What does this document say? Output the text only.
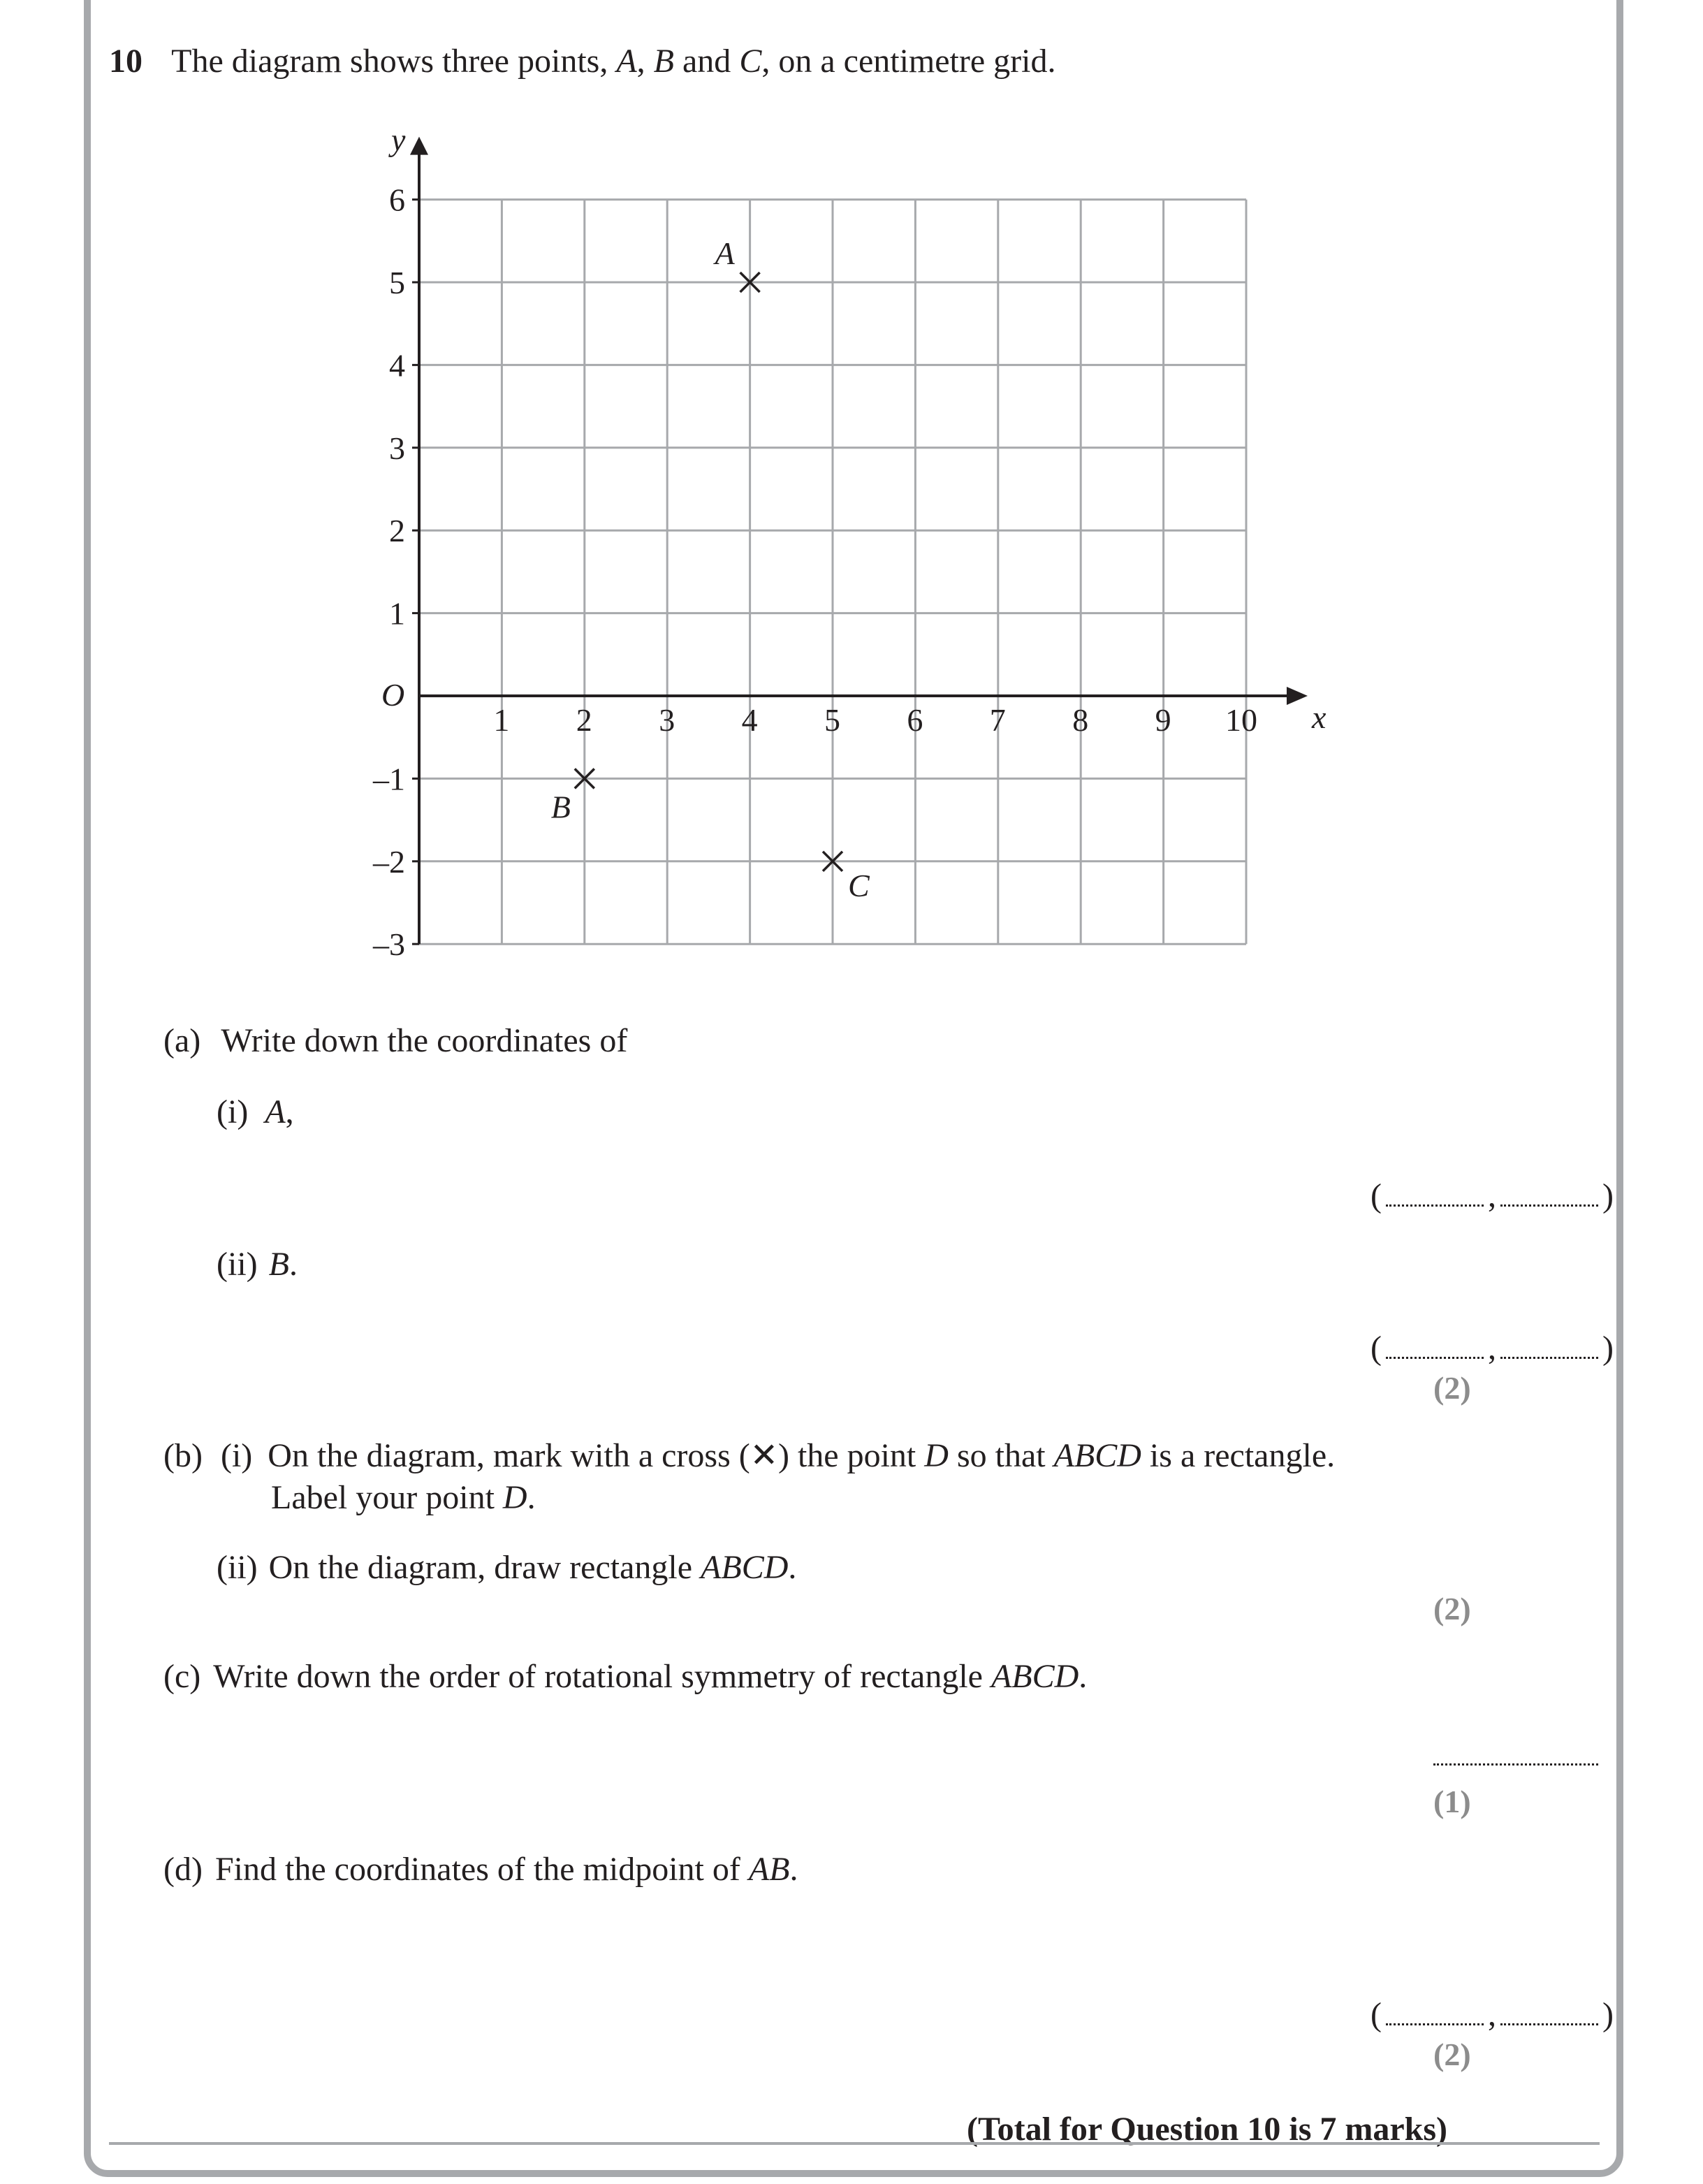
10 The diagram shows three points, A, B and C, on a centimetre grid.
y
x
O
1 2 3 4 5 6 7 8 9 10
6
5
4
3
2
1
–1
–2
–3
A
B
C
(a) Write down the coordinates of
(i) A,
(	,	)
(ii) B.
(	,	)
(2)
(b) (i) On the diagram, mark with a cross (✕) the point D so that ABCD is a rectangle.
Label your point D.
(ii) On the diagram, draw rectangle ABCD.
(2)
(c) Write down the order of rotational symmetry of rectangle ABCD.
(1)
(d) Find the coordinates of the midpoint of AB.
(	,	)
(2)
(Total for Question 10 is 7 marks)
